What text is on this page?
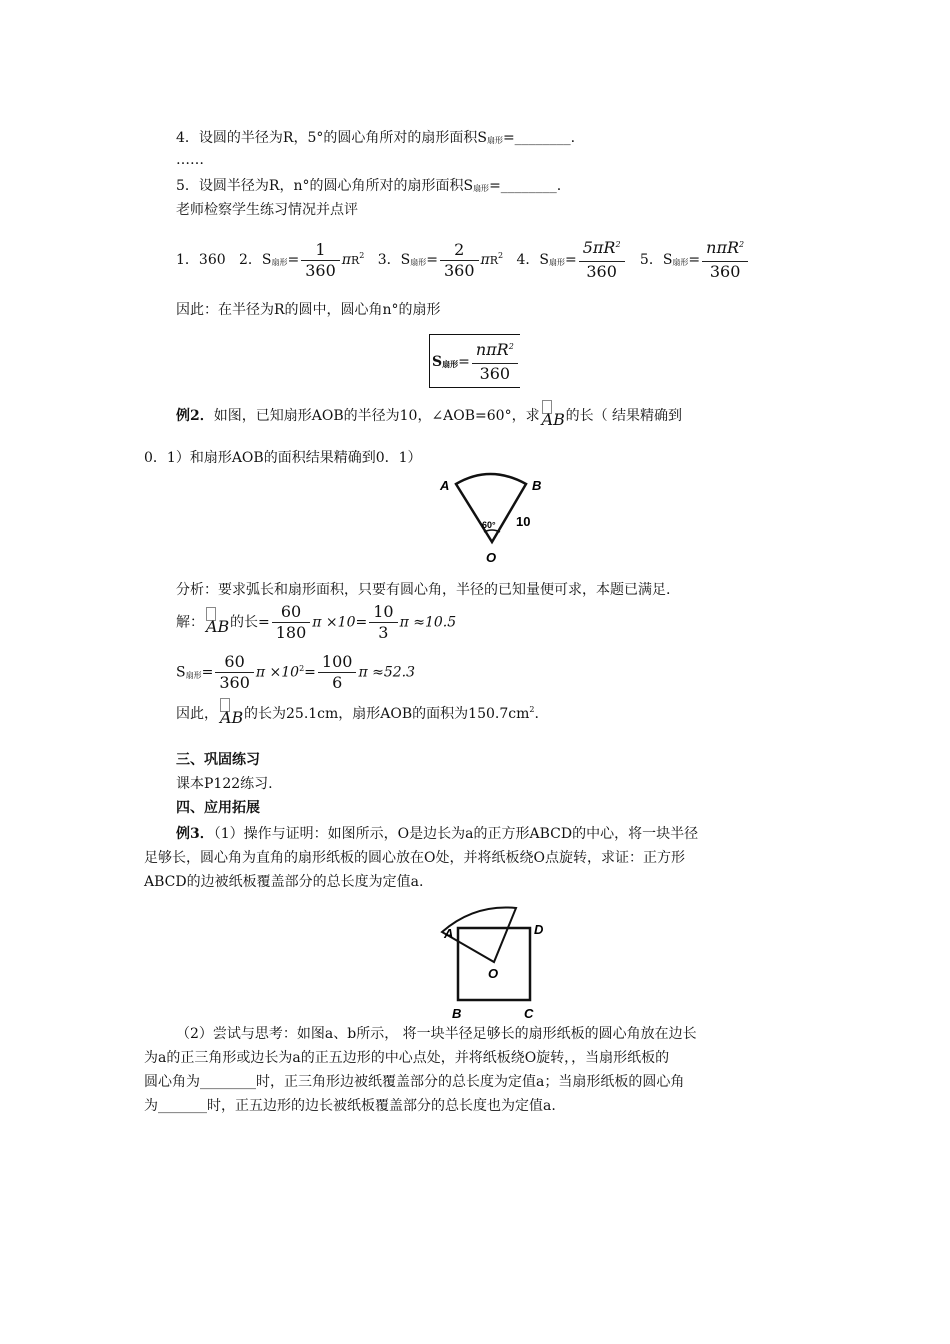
4．设圆的半径为R，5°的圆心角所对的扇形面积S扇形=________.
……
5．设圆半径为R，n°的圆心角所对的扇形面积S扇形=________.
老师检察学生练习情况并点评
1．360 2．S扇形= $\frac{1}{360} \pi R^2$ 3．S扇形= $\frac{2}{360} \pi R^2$ 4．S扇形= $\frac{5\pi R^2}{360} 5$．S扇形= $\frac{n\pi R^2}{360}$
因此：在半径为R的圆中，圆心角n°的扇形
S扇形= $\frac{n\pi R^2}{360}$
例2．如图，已知扇形AOB的半径为10，∠AOB=60°，求 AB 的长（ 结果精确到
0．1）和扇形AOB的面积结果精确到0．1）
A	B
O
60° 10
分析：要求弧长和扇形面积，只要有圆心角，半径的已知量便可求，本题已满足.
解： AB 的长= $\frac{60}{180}$ $\pi \times 10= \frac{10}{3}$ π ≈10.5
S扇形= $\frac{60}{360}$ $\pi \times 10^2= \frac{100}{6}$ π ≈52.3
因此， AB 的长为25.1cm，扇形AOB的面积为$150.7cm^2$.
三、巩固练习
课本P122练习.
四、应用拓展
例3．（1）操作与证明：如图所示，O是边长为a的正方形ABCD的中心，将一块半径
足够长，圆心角为直角的扇形纸板的圆心放在O处，并将纸板绕O点旋转，求证：正方形
ABCD的边被纸板覆盖部分的总长度为定值a.
A	D
O
B	C
（2）尝试与思考：如图a、b所示， 将一块半径足够长的扇形纸板的圆心角放在边长
为a的正三角形或边长为a的正五边形的中心点处，并将纸板绕O旋转，，当扇形纸板的
圆心角为________时，正三角形边被纸覆盖部分的总长度为定值a；当扇形纸板的圆心角
为_______时，正五边形的边长被纸板覆盖部分的总长度也为定值a.
